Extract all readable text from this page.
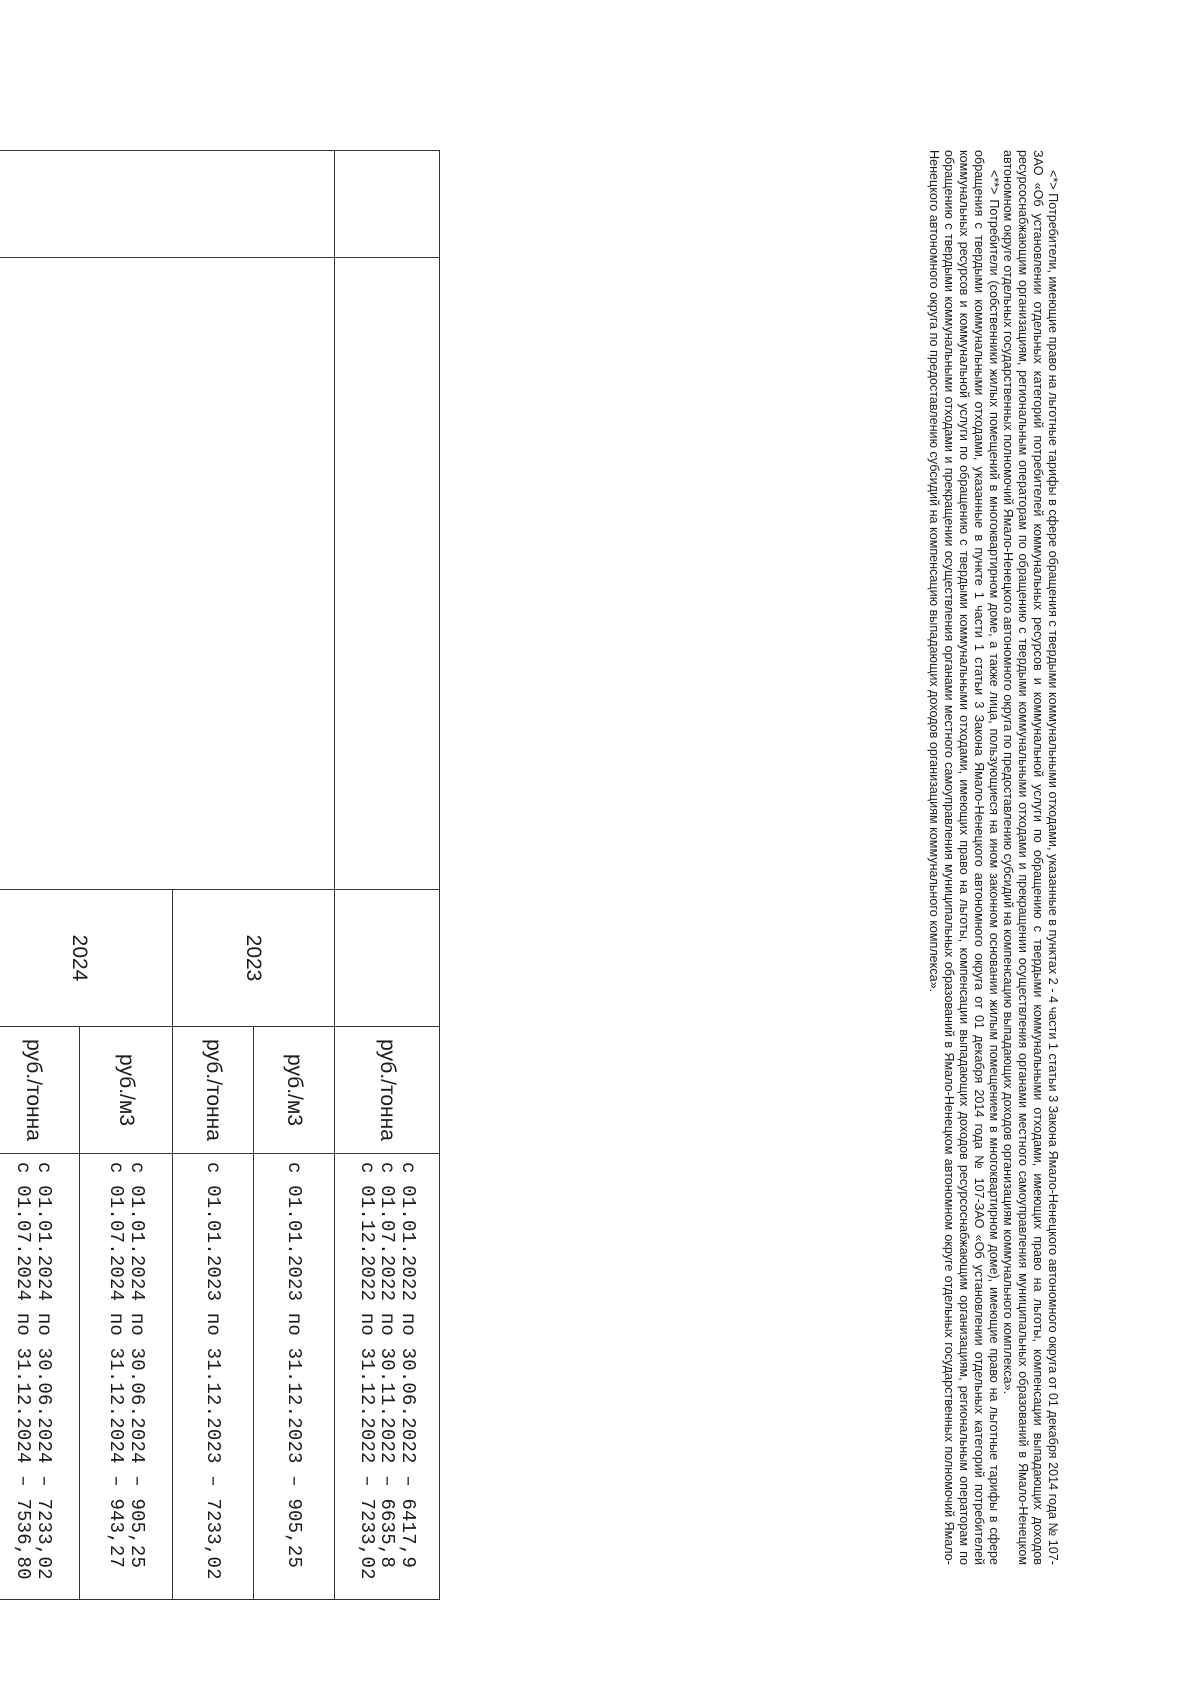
			руб./тонна	с 01.01.2022 по 30.06.2022 – 6417,9
с 01.07.2022 по 30.11.2022 – 6635,8
с 01.12.2022 по 31.12.2022 – 7233,02

		2023	руб./м3	с 01.01.2023 по 31.12.2023 – 905,25

			руб./тонна	с 01.01.2023 по 31.12.2023 – 7233,02

		2024	руб./м3	с 01.01.2024 по 30.06.2024 – 905,25
с 01.07.2024 по 31.12.2024 – 943,27

			руб./тонна	с 01.01.2024 по 30.06.2024 – 7233,02
с 01.07.2024 по 31.12.2024 – 7536,80

		<*> Потребители, имеющие право на льготные тарифы в сфере обращения с твердыми коммунальными отходами, указанные в пунктах 2 - 4 части 1 статьи 3 Закона Ямало-Ненецкого автономного округа от 01 декабря 2014 года № 107-ЗАО «Об установлении отдельных категорий потребителей коммунальных ресурсов и коммунальной услуги по обращению с твердыми коммунальными отходами, имеющих право на льготы, компенсации выпадающих доходов ресурсоснабжающим организациям, региональным операторам по обращению с твердыми коммунальными отходами и прекращении осуществления органами местного самоуправления муниципальных образований в Ямало-Ненецком автономном округе отдельных государственных полномочий Ямало-Ненецкого автономного округа по предоставлению субсидий на компенсацию выпадающих доходов организациям коммунального комплекса».

<**> Потребители (собственники жилых помещений в многоквартирном доме, а также лица, пользующиеся на ином законном основании жилым помещением в многоквартирном доме), имеющие право на льготные тарифы в сфере обращения с твердыми коммунальными отходами, указанные в пункте 1 части 1 статьи 3 Закона Ямало-Ненецкого автономного округа от 01 декабря 2014 года № 107-ЗАО «Об установлении отдельных категорий потребителей коммунальных ресурсов и коммунальной услуги по обращению с твердыми коммунальными отходами, имеющих право на льготы, компенсации выпадающих доходов ресурсоснабжающим организациям, региональным операторам по обращению с твердыми коммунальными отходами и прекращении осуществления органами местного самоуправления муниципальных образований в Ямало-Ненецком автономном округе отдельных государственных полномочий Ямало-Ненецкого автономного округа по предоставлению субсидий на компенсацию выпадающих доходов организациям коммунального комплекса».
